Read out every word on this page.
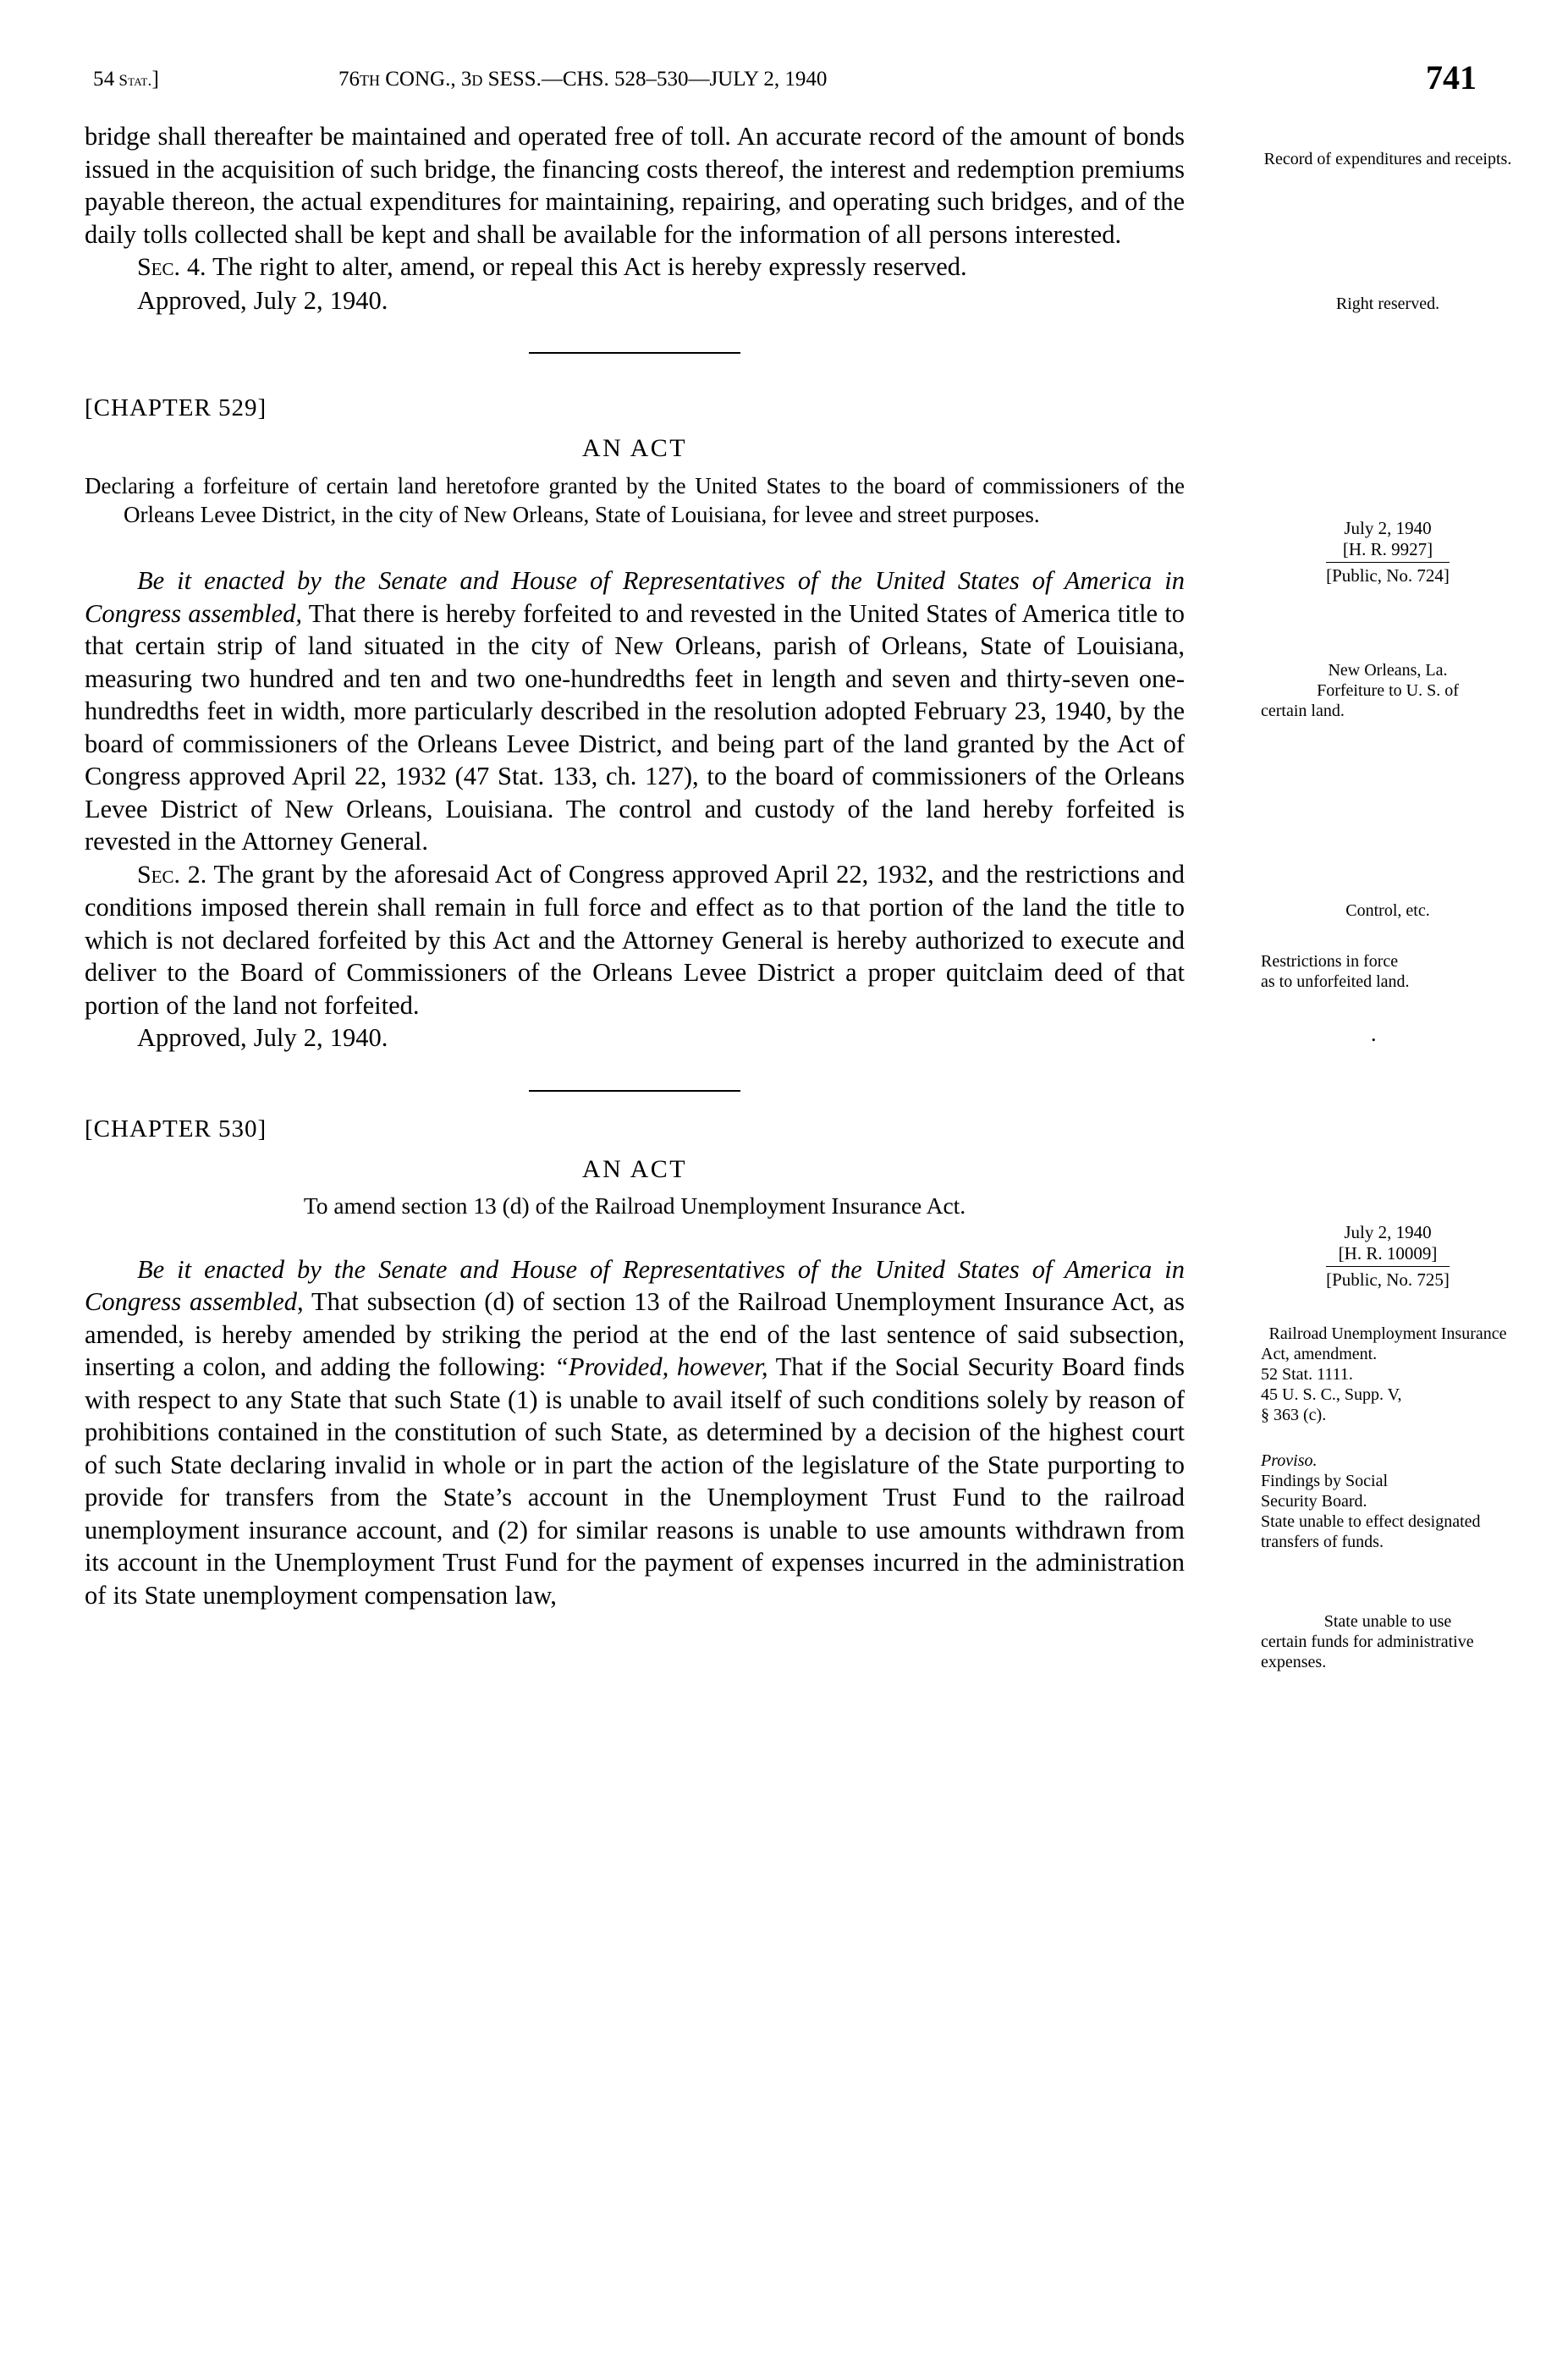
54 Stat.]	76th CONG., 3d SESS.—CHS. 528–530—JULY 2, 1940	741

bridge shall thereafter be maintained and operated free of toll. An accurate record of the amount of bonds issued in the acquisition of such bridge, the financing costs thereof, the interest and redemption premiums payable thereon, the actual expenditures for maintaining, repairing, and operating such bridges, and of the daily tolls collected shall be kept and shall be available for the information of all persons interested.

Sec. 4. The right to alter, amend, or repeal this Act is hereby expressly reserved.

Approved, July 2, 1940.

[CHAPTER 529]

AN ACT

Declaring a forfeiture of certain land heretofore granted by the United States to the board of commissioners of the Orleans Levee District, in the city of New Orleans, State of Louisiana, for levee and street purposes.

Be it enacted by the Senate and House of Representatives of the United States of America in Congress assembled, That there is hereby forfeited to and revested in the United States of America title to that certain strip of land situated in the city of New Orleans, parish of Orleans, State of Louisiana, measuring two hundred and ten and two one-hundredths feet in length and seven and thirty-seven one-hundredths feet in width, more particularly described in the resolution adopted February 23, 1940, by the board of commissioners of the Orleans Levee District, and being part of the land granted by the Act of Congress approved April 22, 1932 (47 Stat. 133, ch. 127), to the board of commissioners of the Orleans Levee District of New Orleans, Louisiana. The control and custody of the land hereby forfeited is revested in the Attorney General.

Sec. 2. The grant by the aforesaid Act of Congress approved April 22, 1932, and the restrictions and conditions imposed therein shall remain in full force and effect as to that portion of the land the title to which is not declared forfeited by this Act and the Attorney General is hereby authorized to execute and deliver to the Board of Commissioners of the Orleans Levee District a proper quitclaim deed of that portion of the land not forfeited.

Approved, July 2, 1940.

[CHAPTER 530]

AN ACT

To amend section 13 (d) of the Railroad Unemployment Insurance Act.

Be it enacted by the Senate and House of Representatives of the United States of America in Congress assembled, That subsection (d) of section 13 of the Railroad Unemployment Insurance Act, as amended, is hereby amended by striking the period at the end of the last sentence of said subsection, inserting a colon, and adding the following: “Provided, however, That if the Social Security Board finds with respect to any State that such State (1) is unable to avail itself of such conditions solely by reason of prohibitions contained in the constitution of such State, as determined by a decision of the highest court of such State declaring invalid in whole or in part the action of the legislature of the State purporting to provide for transfers from the State’s account in the Unemployment Trust Fund to the railroad unemployment insurance account, and (2) for similar reasons is unable to use amounts withdrawn from its account in the Unemployment Trust Fund for the payment of expenses incurred in the administration of its State unemployment compensation law,

Record of expenditures and receipts.
Right reserved.
July 2, 1940
[H. R. 9927]
[Public, No. 724]
New Orleans, La.
Forfeiture to U. S. of
certain land.
Control, etc.
Restrictions in force
as to unforfeited land.
.
July 2, 1940
[H. R. 10009]
[Public, No. 725]
Railroad Unemployment Insurance
Act, amendment.
52 Stat. 1111.
45 U. S. C., Supp. V,
§ 363 (c).
Proviso.
Findings by Social
Security Board.
State unable to effect designated transfers of funds.
State unable to use
certain funds for administrative expenses.
